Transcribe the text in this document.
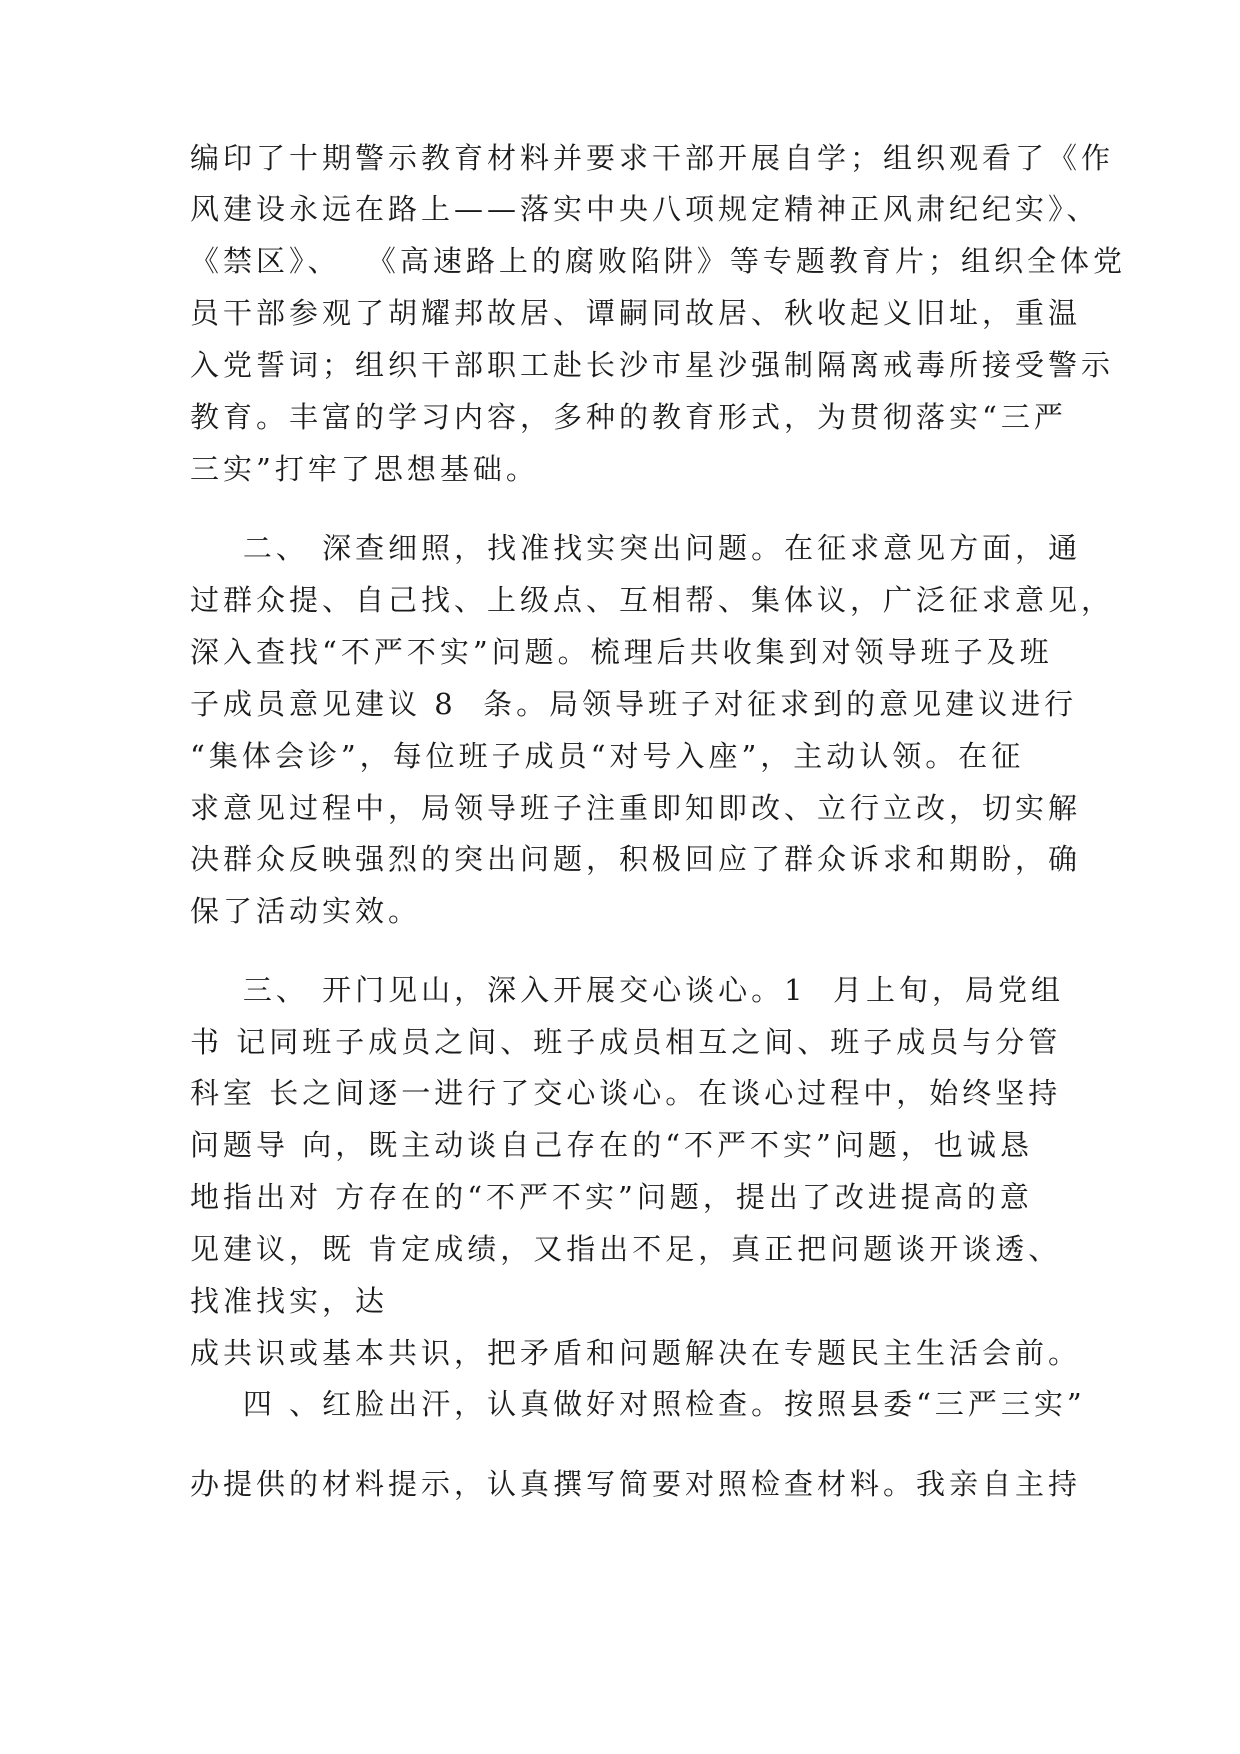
编印了十期警示教育材料并要求干部开展自学；组织观看了《作

风建设永远在路上——落实中央八项规定精神正风肃纪纪实》、

《禁区》、  《高速路上的腐败陷阱》等专题教育片；组织全体党

员干部参观了胡耀邦故居、谭嗣同故居、秋收起义旧址，重温

入党誓词；组织干部职工赴长沙市星沙强制隔离戒毒所接受警示

教育。丰富的学习内容，多种的教育形式，为贯彻落实“三严

三实”打牢了思想基础。

二、 深查细照，找准找实突出问题。在征求意见方面，通

过群众提、自己找、上级点、互相帮、集体议，广泛征求意见，

深入查找“不严不实”问题。梳理后共收集到对领导班子及班

子成员意见建议 8  条。局领导班子对征求到的意见建议进行

“集体会诊”，每位班子成员“对号入座”，主动认领。在征

求意见过程中，局领导班子注重即知即改、立行立改，切实解

决群众反映强烈的突出问题，积极回应了群众诉求和期盼，确

保了活动实效。

三、 开门见山，深入开展交心谈心。1  月上旬，局党组

书 记同班子成员之间、班子成员相互之间、班子成员与分管

科室 长之间逐一进行了交心谈心。在谈心过程中，始终坚持

问题导 向，既主动谈自己存在的“不严不实”问题，也诚恳

地指出对 方存在的“不严不实”问题，提出了改进提高的意

见建议，既 肯定成绩，又指出不足，真正把问题谈开谈透、

找准找实，达

成共识或基本共识，把矛盾和问题解决在专题民主生活会前。

四 、红脸出汗，认真做好对照检查。按照县委“三严三实”

办提供的材料提示，认真撰写简要对照检查材料。我亲自主持
